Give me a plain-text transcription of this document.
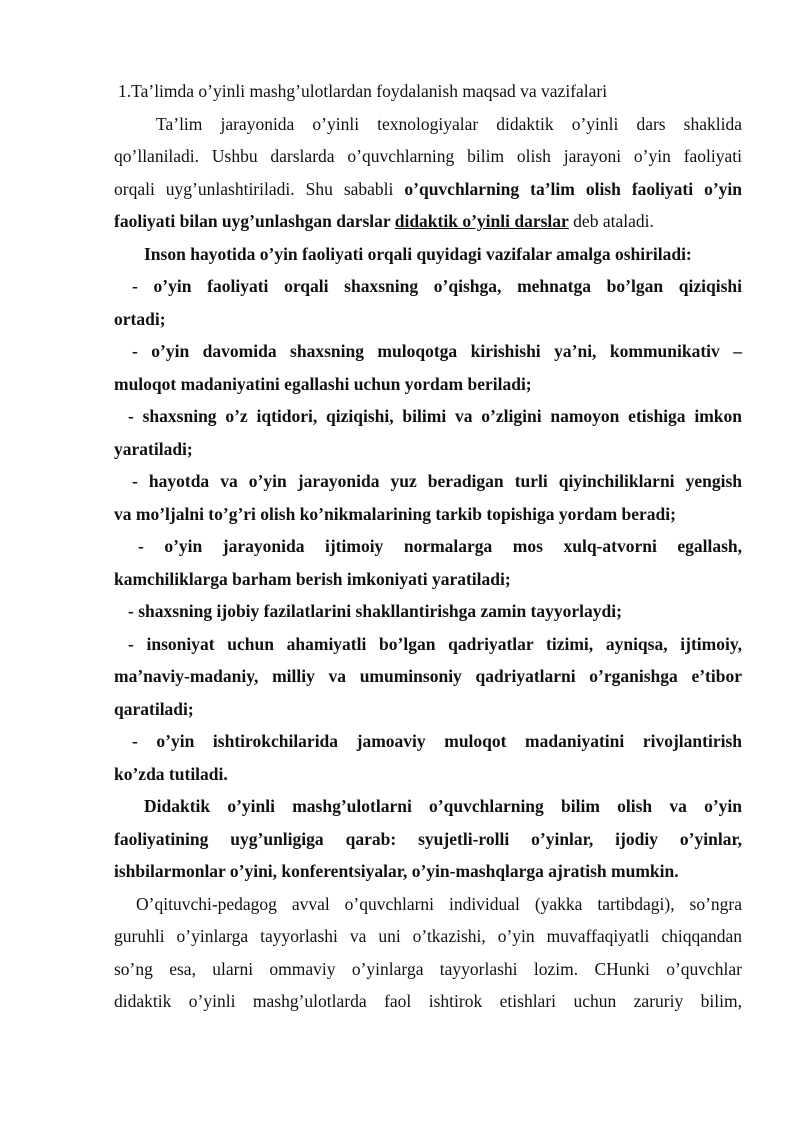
1.Ta’limda o’yinli mashg’ulotlardan foydalanish maqsad va vazifalari
Ta’lim jarayonida o’yinli texnologiyalar didaktik o’yinli dars shaklida
qo’llaniladi. Ushbu darslarda o’quvchlarning bilim olish jarayoni o’yin faoliyati
orqali uyg’unlashtiriladi. Shu sababli o’quvchlarning ta’lim olish faoliyati o’yin
faoliyati bilan uyg’unlashgan darslar didaktik o’yinli darslar deb ataladi.
Inson hayotida o’yin faoliyati orqali quyidagi vazifalar amalga oshiriladi:
- o’yin faoliyati orqali shaxsning o’qishga, mehnatga bo’lgan qiziqishi
ortadi;
- o’yin davomida shaxsning muloqotga kirishishi ya’ni, kommunikativ –
muloqot madaniyatini egallashi uchun yordam beriladi;
- shaxsning o’z iqtidori, qiziqishi, bilimi va o’zligini namoyon etishiga imkon
yaratiladi;
- hayotda va o’yin jarayonida yuz beradigan turli qiyinchiliklarni yengish
va mo’ljalni to’g’ri olish ko’nikmalarining tarkib topishiga yordam beradi;
- o’yin jarayonida ijtimoiy normalarga mos xulq-atvorni egallash,
kamchiliklarga barham berish imkoniyati yaratiladi;
- shaxsning ijobiy fazilatlarini shakllantirishga zamin tayyorlaydi;
- insoniyat uchun ahamiyatli bo’lgan qadriyatlar tizimi, ayniqsa, ijtimoiy,
ma’naviy-madaniy, milliy va umuminsoniy qadriyatlarni o’rganishga e’tibor
qaratiladi;
- o’yin ishtirokchilarida jamoaviy muloqot madaniyatini rivojlantirish
ko’zda tutiladi.
Didaktik o’yinli mashg’ulotlarni o’quvchlarning bilim olish va o’yin
faoliyatining uyg’unligiga qarab: syujetli-rolli o’yinlar, ijodiy o’yinlar,
ishbilarmonlar o’yini, konferentsiyalar, o’yin-mashqlarga ajratish mumkin.
O’qituvchi-pedagog avval o’quvchlarni individual (yakka tartibdagi), so’ngra
guruhli o’yinlarga tayyorlashi va uni o’tkazishi, o’yin muvaffaqiyatli chiqqandan
so’ng esa, ularni ommaviy o’yinlarga tayyorlashi lozim. CHunki o’quvchlar
didaktik o’yinli mashg’ulotlarda faol ishtirok etishlari uchun zaruriy bilim,
